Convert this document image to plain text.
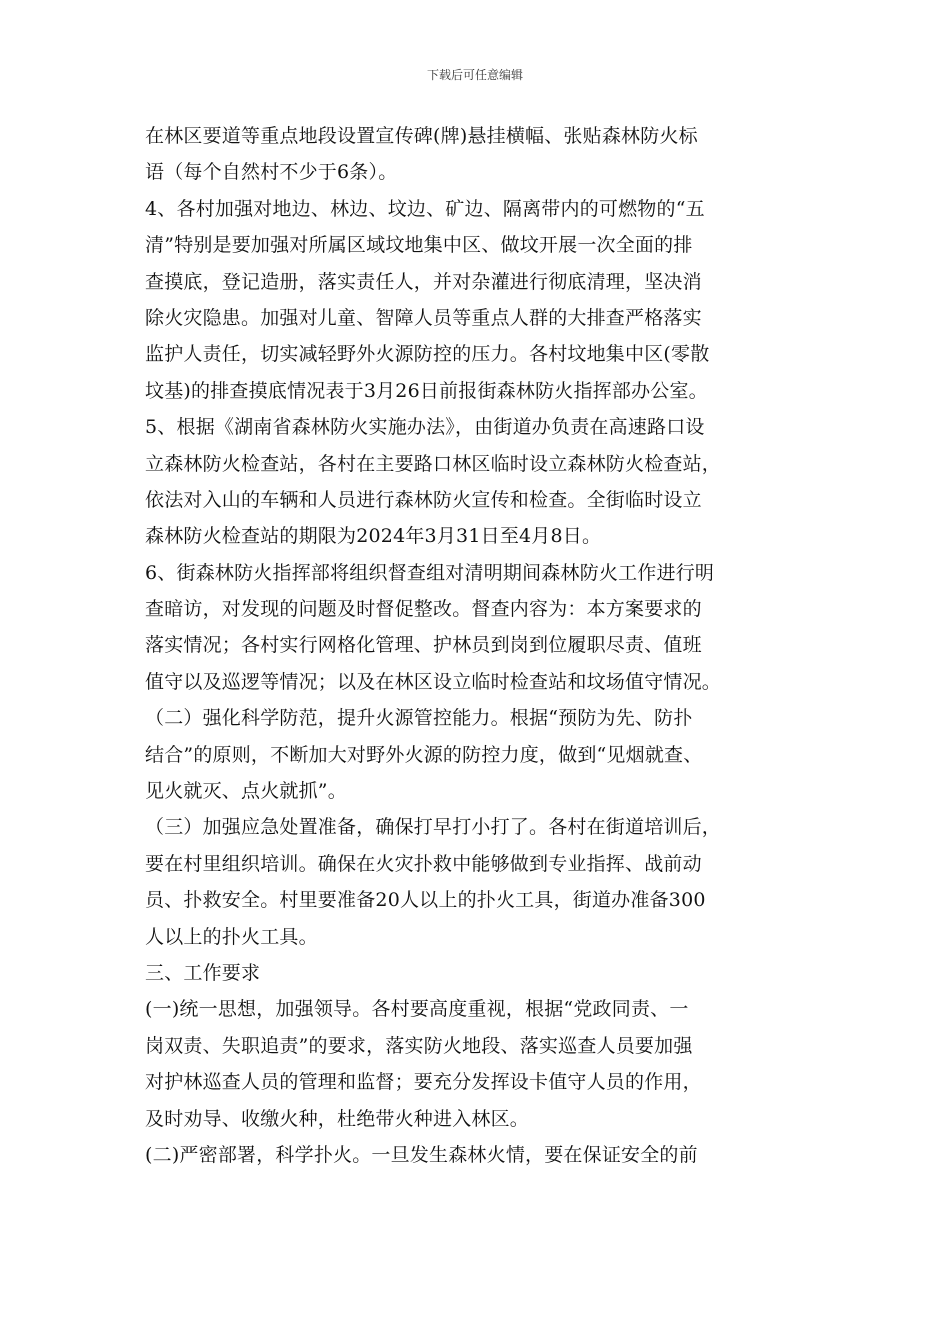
下载后可任意编辑
在林区要道等重点地段设置宣传碑(牌)悬挂横幅、张贴森林防火标
语（每个自然村不少于6条）。
4、各村加强对地边、林边、坟边、矿边、隔离带内的可燃物的“五
清”特别是要加强对所属区域坟地集中区、做坟开展一次全面的排
查摸底，登记造册，落实责任人，并对杂灌进行彻底清理，坚决消
除火灾隐患。加强对儿童、智障人员等重点人群的大排查严格落实
监护人责任，切实减轻野外火源防控的压力。各村坟地集中区(零散
坟基)的排查摸底情况表于3月26日前报街森林防火指挥部办公室。
5、根据《湖南省森林防火实施办法》，由街道办负责在高速路口设
立森林防火检查站，各村在主要路口林区临时设立森林防火检查站，
依法对入山的车辆和人员进行森林防火宣传和检查。全街临时设立
森林防火检查站的期限为2024年3月31日至4月8日。
6、街森林防火指挥部将组织督查组对清明期间森林防火工作进行明
查暗访，对发现的问题及时督促整改。督查内容为：本方案要求的
落实情况；各村实行网格化管理、护林员到岗到位履职尽责、值班
值守以及巡逻等情况；以及在林区设立临时检查站和坟场值守情况。
（二）强化科学防范，提升火源管控能力。根据“预防为先、防扑
结合”的原则，不断加大对野外火源的防控力度，做到“见烟就查、
见火就灭、点火就抓”。
（三）加强应急处置准备，确保打早打小打了。各村在街道培训后，
要在村里组织培训。确保在火灾扑救中能够做到专业指挥、战前动
员、扑救安全。村里要准备20人以上的扑火工具，街道办准备300
人以上的扑火工具。
三、工作要求
(一)统一思想，加强领导。各村要高度重视，根据“党政同责、一
岗双责、失职追责”的要求，落实防火地段、落实巡查人员要加强
对护林巡查人员的管理和监督；要充分发挥设卡值守人员的作用，
及时劝导、收缴火种，杜绝带火种进入林区。
(二)严密部署，科学扑火。一旦发生森林火情，要在保证安全的前
